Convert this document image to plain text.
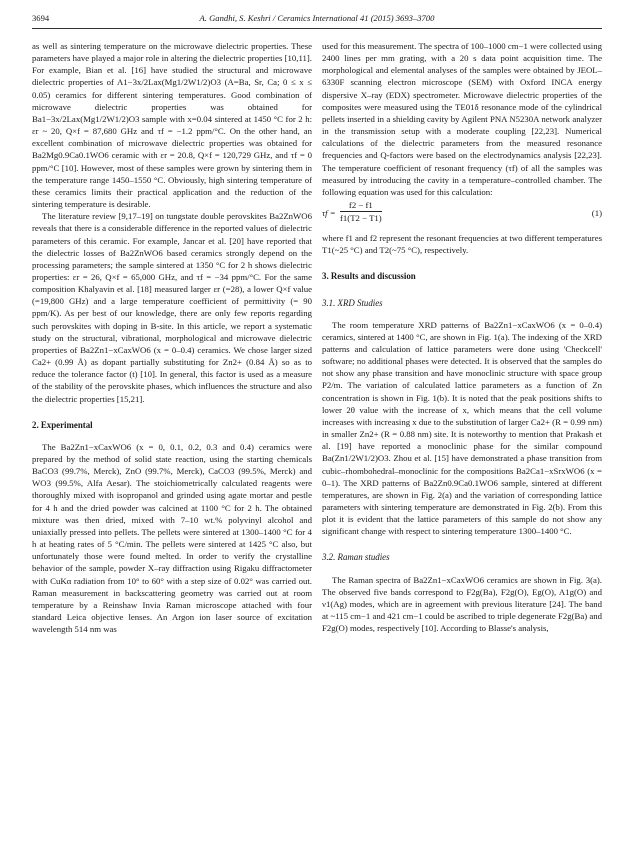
3694	A. Gandhi, S. Keshri / Ceramics International 41 (2015) 3693–3700

as well as sintering temperature on the microwave dielectric properties. These parameters have played a major role in altering the dielectric properties [10,11]. For example, Bian et al. [16] have studied the structural and microwave dielectric properties of A1−3x/2Lax(Mg1/2W1/2)O3 (A=Ba, Sr, Ca; 0 ≤ x ≤ 0.05) ceramics for different sintering temperatures. Good combination of microwave dielectric properties was obtained for Ba1−3x/2Lax(Mg1/2W1/2)O3 sample with x=0.04 sintered at 1450 °C for 2 h: εr ~ 20, Q×f = 87,680 GHz and τf = −1.2 ppm/°C. On the other hand, an excellent combination of microwave dielectric properties was obtained for Ba2Mg0.9Ca0.1WO6 ceramic with εr = 20.8, Q×f = 120,729 GHz, and τf = 0 ppm/°C [10]. However, most of these samples were grown by sintering them in the temperature range 1450–1550 °C. Obviously, high sintering temperature of these ceramics limits their practical application and the reduction of the sintering temperature is desirable.

The literature review [9,17–19] on tungstate double perovskites Ba2ZnWO6 reveals that there is a considerable difference in the reported values of dielectric parameters of this ceramic. For example, Jancar et al. [20] have reported that the dielectric losses of Ba2ZnWO6 based ceramics strongly depend on the processing parameters; the sample sintered at 1350 °C for 2 h shows dielectric properties: εr = 26, Q×f = 65,000 GHz, and τf = −34 ppm/°C. For the same composition Khalyavin et al. [18] measured larger εr (=28), a lower Q×f value (=19,800 GHz) and a large temperature coefficient of permittivity (= 90 ppm/K). As per best of our knowledge, there are only few reports regarding such perovskites with doping in B-site. In this article, we report a systematic study on the structural, vibrational, morphological and microwave dielectric properties of Ba2Zn1−xCaxWO6 (x = 0–0.4) ceramics. We chose larger sized Ca2+ (0.99 Å) as dopant partially substituting for Zn2+ (0.84 Å) so as to reduce the tolerance factor (t) [10]. In general, this factor is used as a measure of the stability of the perovskite phases, which influences the structure and also the dielectric properties [15,21].

2. Experimental

The Ba2Zn1−xCaxWO6 (x = 0, 0.1, 0.2, 0.3 and 0.4) ceramics were prepared by the method of solid state reaction, using the starting chemicals BaCO3 (99.7%, Merck), ZnO (99.7%, Merck), CaCO3 (99.5%, Merck) and WO3 (99.5%, Alfa Aesar). The stoichiometrically calculated reagents were thoroughly mixed with isopropanol and grinded using agate mortar and pestle for 4 h and the dried powder was calcined at 1100 °C for 2 h. The obtained mixture was then dried, mixed with 7–10 wt.% polyvinyl alcohol and uniaxially pressed into pellets. The pellets were sintered at 1300–1400 °C for 4 h at heating rates of 5 °C/min. The pellets were sintered at 1425 °C also, but unfortunately those were found melted. In order to verify the crystalline behavior of the sample, powder X–ray diffraction using Rigaku diffractometer with CuKα radiation from 10° to 60° with a step size of 0.02° was carried out. Raman measurement in backscattering geometry was carried out at room temperature by a Reinshaw Invia Raman microscope attached with four standard Leica objective lenses. An Argon ion laser source of excitation wavelength 514 nm was

used for this measurement. The spectra of 100–1000 cm−1 were collected using 2400 lines per mm grating, with a 20 s data point acquisition time. The morphological and elemental analyses of the samples were obtained by JEOL–6330F scanning electron microscope (SEM) with Oxford INCA energy dispersive X–ray (EDX) spectrometer. Microwave dielectric properties of the composites were measured using the TE01δ resonance mode of the cylindrical pellets inserted in a shielding cavity by Agilent PNA N5230A network analyzer in the transmission setup with a moderate coupling [22,23]. Numerical calculations of the dielectric parameters from the measured resonance frequencies and Q-factors were based on the electrodynamics analysis [22,23]. The temperature coefficient of resonant frequency (τf) of all the samples was measured by introducing the cavity in a temperature–controlled chamber. The following equation was used for this calculation:

$\tau f = \frac{f2 - f1}{f1(T2 - T1)}$	(1)

where f1 and f2 represent the resonant frequencies at two different temperatures T1(~25 °C) and T2(~75 °C), respectively.

3. Results and discussion
3.1. XRD Studies

The room temperature XRD patterns of Ba2Zn1−xCaxWO6 (x = 0–0.4) ceramics, sintered at 1400 °C, are shown in Fig. 1(a). The indexing of the XRD patterns and calculation of lattice parameters were done using 'Checkcell' software; no additional phases were detected. It is observed that the samples do not show any phase transition and have monoclinic structure with space group P2/m. The variation of calculated lattice parameters as a function of Zn concentration is shown in Fig. 1(b). It is noted that the peak positions shifts to lower 2θ value with the increase of x, which means that the cell volume increases with increasing x due to the substitution of larger Ca2+ (R = 0.99 nm) in smaller Zn2+ (R = 0.88 nm) site. It is noteworthy to mention that Prakash et al. [19] have reported a monoclinic phase for the similar compound Ba(Zn1/2W1/2)O3. Zhou et al. [15] have demonstrated a phase transition from cubic–rhombohedral–monoclinic for the compositions Ba2Ca1−xSrxWO6 (x = 0–1). The XRD patterns of Ba2Zn0.9Ca0.1WO6 sample, sintered at different temperatures, are shown in Fig. 2(a) and the variation of corresponding lattice parameters with sintering temperature are demonstrated in Fig. 2(b). From this plot it is evident that the lattice parameters of this sample do not show any significant change with respect to sintering temperature 1300–1400 °C.

3.2. Raman studies

The Raman spectra of Ba2Zn1−xCaxWO6 ceramics are shown in Fig. 3(a). The observed five bands correspond to F2g(Ba), F2g(O), Eg(O), A1g(O) and ν1(Ag) modes, which are in agreement with previous literature [24]. The band at ~115 cm−1 and 421 cm−1 could be ascribed to triple degenerate F2g(Ba) and F2g(O) modes, respectively [10]. According to Blasse's analysis,
